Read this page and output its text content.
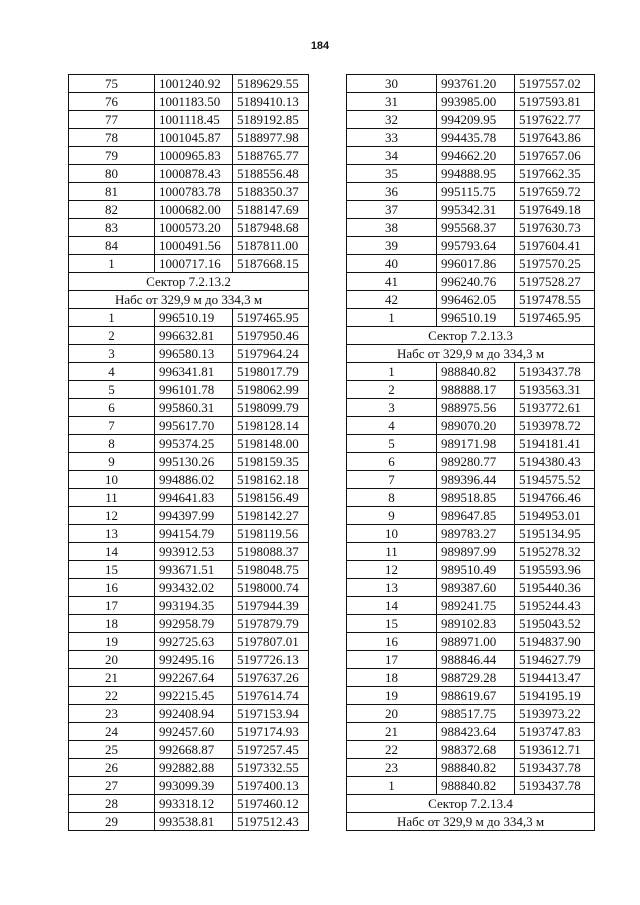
184
75	1001240.92	5189629.55
76	1001183.50	5189410.13
77	1001118.45	5189192.85
78	1001045.87	5188977.98
79	1000965.83	5188765.77
80	1000878.43	5188556.48
81	1000783.78	5188350.37
82	1000682.00	5188147.69
83	1000573.20	5187948.68
84	1000491.56	5187811.00
1	1000717.16	5187668.15
Сектор 7.2.13.2		
Набс от 329,9 м до 334,3 м		
1	996510.19	5197465.95
2	996632.81	5197950.46
3	996580.13	5197964.24
4	996341.81	5198017.79
5	996101.78	5198062.99
6	995860.31	5198099.79
7	995617.70	5198128.14
8	995374.25	5198148.00
9	995130.26	5198159.35
10	994886.02	5198162.18
11	994641.83	5198156.49
12	994397.99	5198142.27
13	994154.79	5198119.56
14	993912.53	5198088.37
15	993671.51	5198048.75
16	993432.02	5198000.74
17	993194.35	5197944.39
18	992958.79	5197879.79
19	992725.63	5197807.01
20	992495.16	5197726.13
21	992267.64	5197637.26
22	992215.45	5197614.74
23	992408.94	5197153.94
24	992457.60	5197174.93
25	992668.87	5197257.45
26	992882.88	5197332.55
27	993099.39	5197400.13
28	993318.12	5197460.12
29	993538.81	5197512.43
30	993761.20	5197557.02
31	993985.00	5197593.81
32	994209.95	5197622.77
33	994435.78	5197643.86
34	994662.20	5197657.06
35	994888.95	5197662.35
36	995115.75	5197659.72
37	995342.31	5197649.18
38	995568.37	5197630.73
39	995793.64	5197604.41
40	996017.86	5197570.25
41	996240.76	5197528.27
42	996462.05	5197478.55
1	996510.19	5197465.95
Сектор 7.2.13.3		
Набс от 329,9 м до 334,3 м		
1	988840.82	5193437.78
2	988888.17	5193563.31
3	988975.56	5193772.61
4	989070.20	5193978.72
5	989171.98	5194181.41
6	989280.77	5194380.43
7	989396.44	5194575.52
8	989518.85	5194766.46
9	989647.85	5194953.01
10	989783.27	5195134.95
11	989897.99	5195278.32
12	989510.49	5195593.96
13	989387.60	5195440.36
14	989241.75	5195244.43
15	989102.83	5195043.52
16	988971.00	5194837.90
17	988846.44	5194627.79
18	988729.28	5194413.47
19	988619.67	5194195.19
20	988517.75	5193973.22
21	988423.64	5193747.83
22	988372.68	5193612.71
23	988840.82	5193437.78
1	988840.82	5193437.78
Сектор 7.2.13.4		
Набс от 329,9 м до 334,3 м		
